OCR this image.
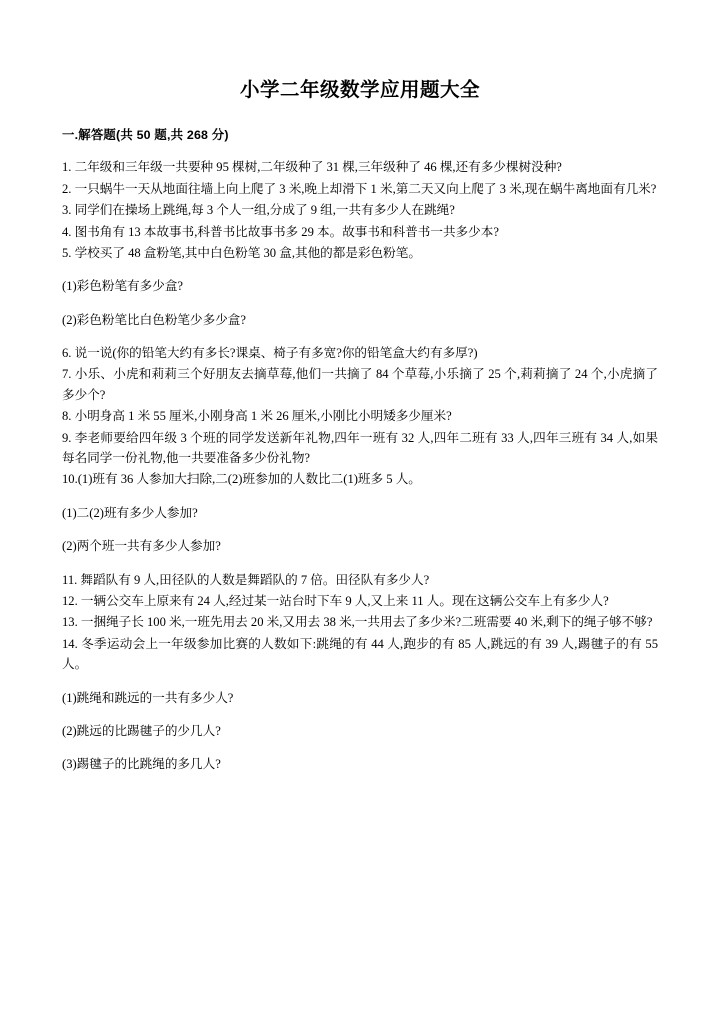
小学二年级数学应用题大全
一.解答题(共 50 题,共 268 分)
1. 二年级和三年级一共要种 95 棵树,二年级种了 31 棵,三年级种了 46 棵,还有多少棵树没种?
2. 一只蜗牛一天从地面往墙上向上爬了 3 米,晚上却滑下 1 米,第二天又向上爬了 3 米,现在蜗牛离地面有几米?
3. 同学们在操场上跳绳,每 3 个人一组,分成了 9 组,一共有多少人在跳绳?
4. 图书角有 13 本故事书,科普书比故事书多 29 本。故事书和科普书一共多少本?
5. 学校买了 48 盒粉笔,其中白色粉笔 30 盒,其他的都是彩色粉笔。
(1)彩色粉笔有多少盒?
(2)彩色粉笔比白色粉笔少多少盒?
6. 说一说(你的铅笔大约有多长?课桌、椅子有多宽?你的铅笔盒大约有多厚?)
7. 小乐、小虎和莉莉三个好朋友去摘草莓,他们一共摘了 84 个草莓,小乐摘了 25 个,莉莉摘了 24 个,小虎摘了多少个?
8. 小明身高 1 米 55 厘米,小刚身高 1 米 26 厘米,小刚比小明矮多少厘米?
9. 李老师要给四年级 3 个班的同学发送新年礼物,四年一班有 32 人,四年二班有 33 人,四年三班有 34 人,如果每名同学一份礼物,他一共要准备多少份礼物?
10.(1)班有 36 人参加大扫除,二(2)班参加的人数比二(1)班多 5 人。
(1)二(2)班有多少人参加?
(2)两个班一共有多少人参加?
11. 舞蹈队有 9 人,田径队的人数是舞蹈队的 7 倍。田径队有多少人?
12. 一辆公交车上原来有 24 人,经过某一站台时下车 9 人,又上来 11 人。现在这辆公交车上有多少人?
13. 一捆绳子长 100 米,一班先用去 20 米,又用去 38 米,一共用去了多少米?二班需要 40 米,剩下的绳子够不够?
14. 冬季运动会上一年级参加比赛的人数如下:跳绳的有 44 人,跑步的有 85 人,跳远的有 39 人,踢毽子的有 55 人。
(1)跳绳和跳远的一共有多少人?
(2)跳远的比踢毽子的少几人?
(3)踢毽子的比跳绳的多几人?
